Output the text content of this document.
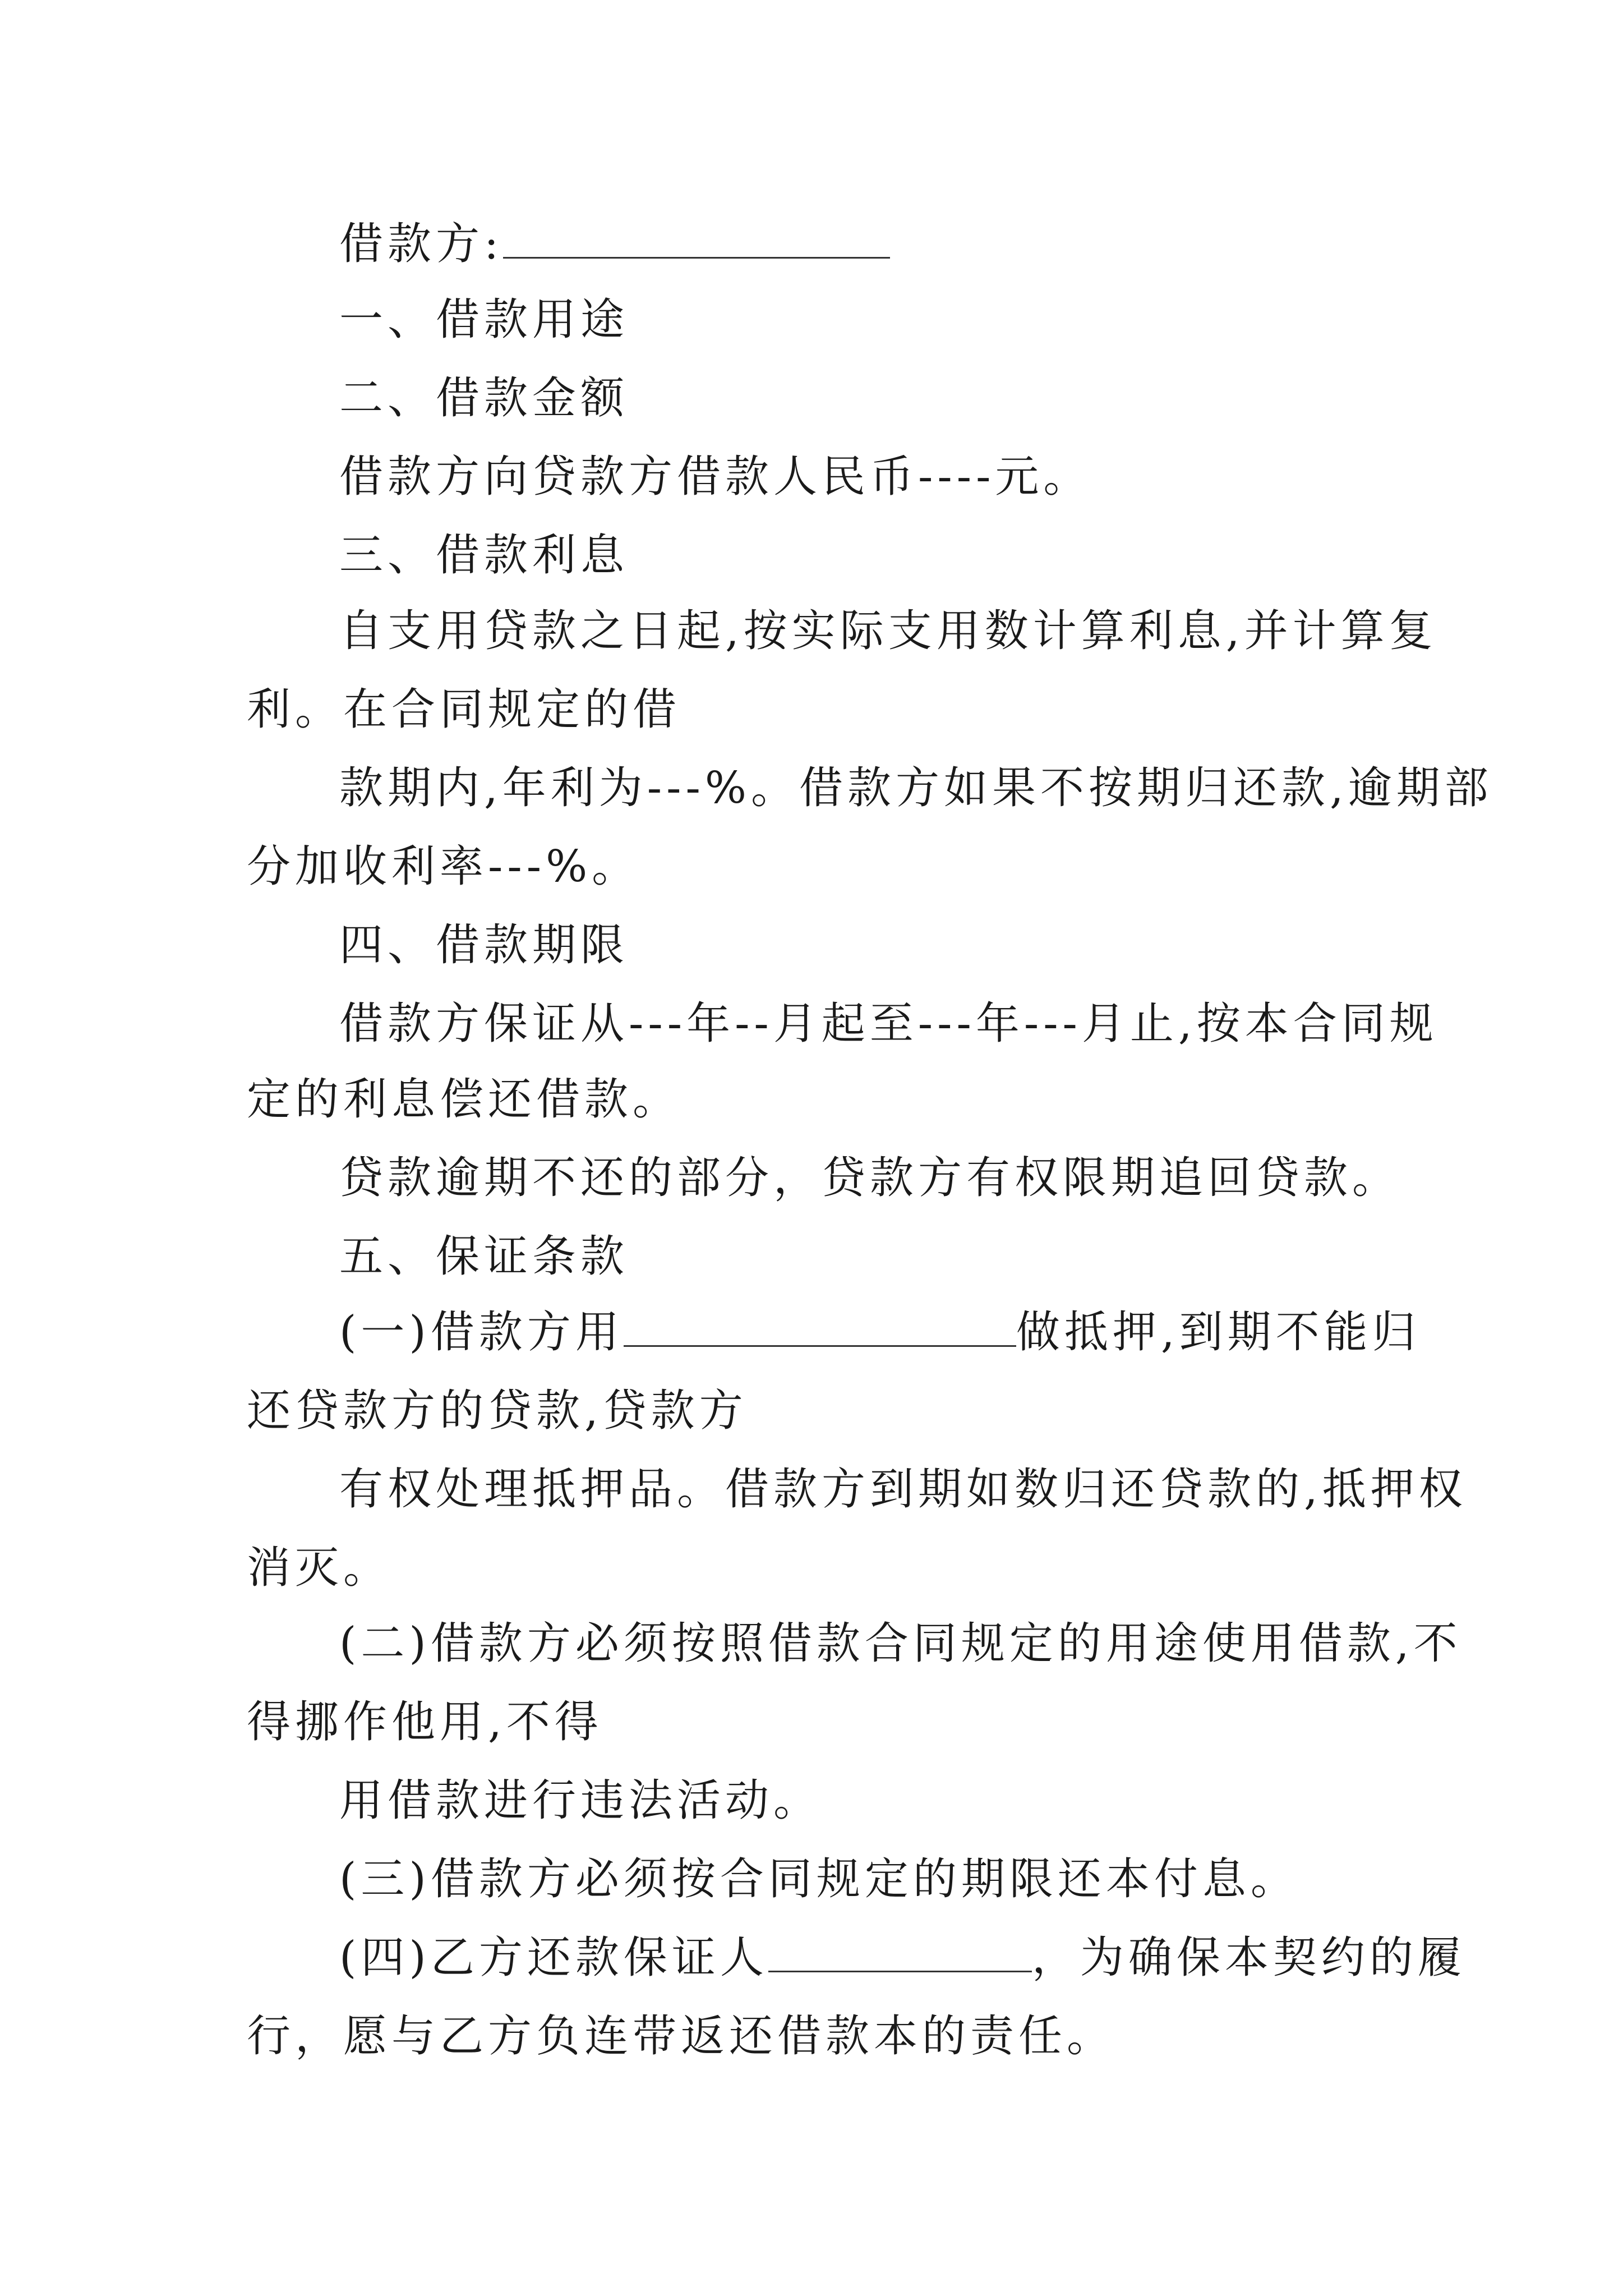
借款方:
一、借款用途
二、借款金额
借款方向贷款方借款人民币----元。
三、借款利息
自支用贷款之日起,按实际支用数计算利息,并计算复
利。在合同规定的借
款期内,年利为---%。借款方如果不按期归还款,逾期部
分加收利率---%。
四、借款期限
借款方保证从---年--月起至---年---月止,按本合同规
定的利息偿还借款。
贷款逾期不还的部分，贷款方有权限期追回贷款。
五、保证条款
(一)借款方用	做抵押,到期不能归
还贷款方的贷款,贷款方
有权处理抵押品。借款方到期如数归还贷款的,抵押权
消灭。
(二)借款方必须按照借款合同规定的用途使用借款,不
得挪作他用,不得
用借款进行违法活动。
(三)借款方必须按合同规定的期限还本付息。
(四)乙方还款保证人	，为确保本契约的履
行，愿与乙方负连带返还借款本的责任。
